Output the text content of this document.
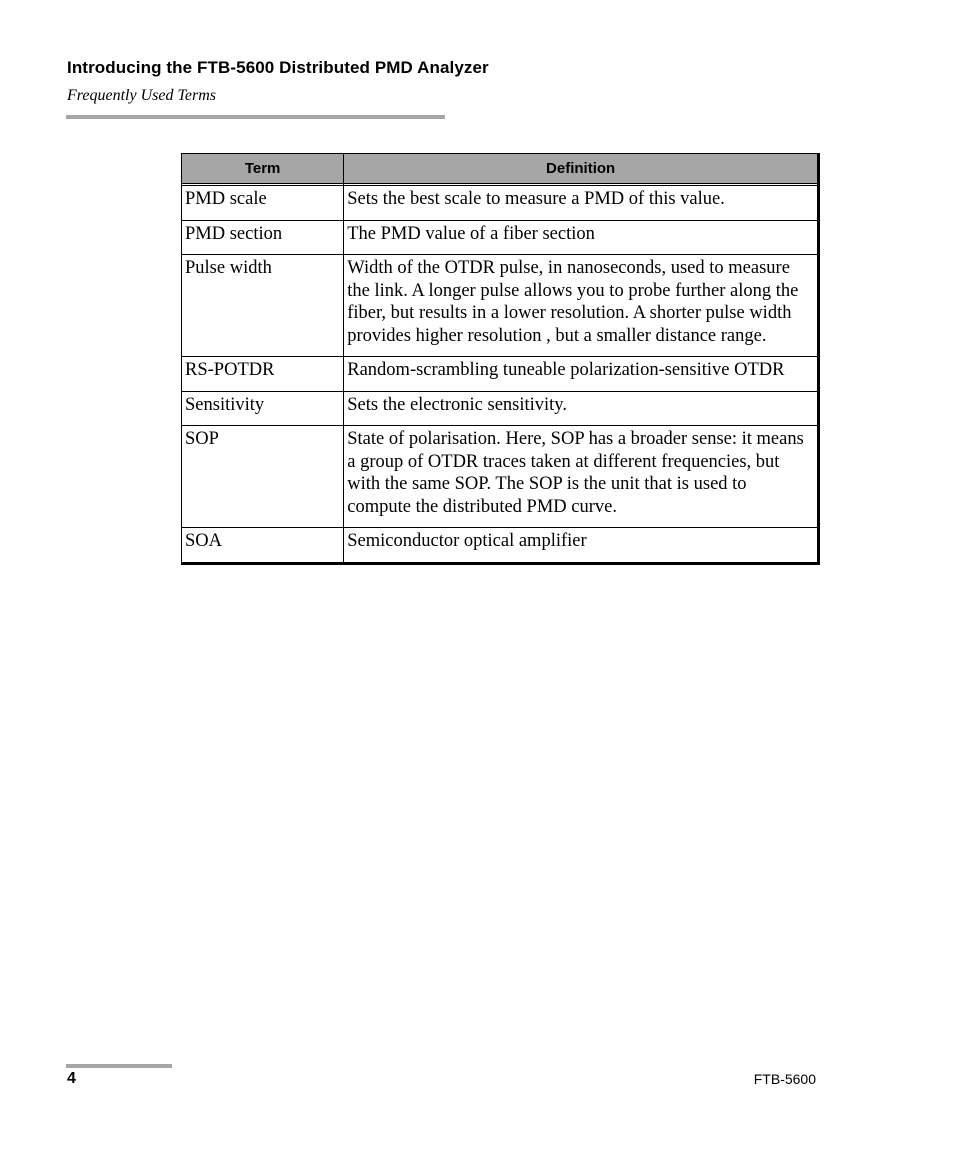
Introducing the FTB-5600 Distributed PMD Analyzer
Frequently Used Terms
Term	Definition

PMD scale	Sets the best scale to measure a PMD of this value.
PMD section	The PMD value of a fiber section
Pulse width	Width of the OTDR pulse, in nanoseconds, used to measure the link. A longer pulse allows you to probe further along the fiber, but results in a lower resolution. A shorter pulse width provides higher resolution , but a smaller distance range.
RS-POTDR	Random-scrambling tuneable polarization-sensitive OTDR
Sensitivity	Sets the electronic sensitivity.
SOP	State of polarisation. Here, SOP has a broader sense: it means a group of OTDR traces taken at different frequencies, but with the same SOP. The SOP is the unit that is used to compute the distributed PMD curve.
SOA	Semiconductor optical amplifier
4	FTB-5600
